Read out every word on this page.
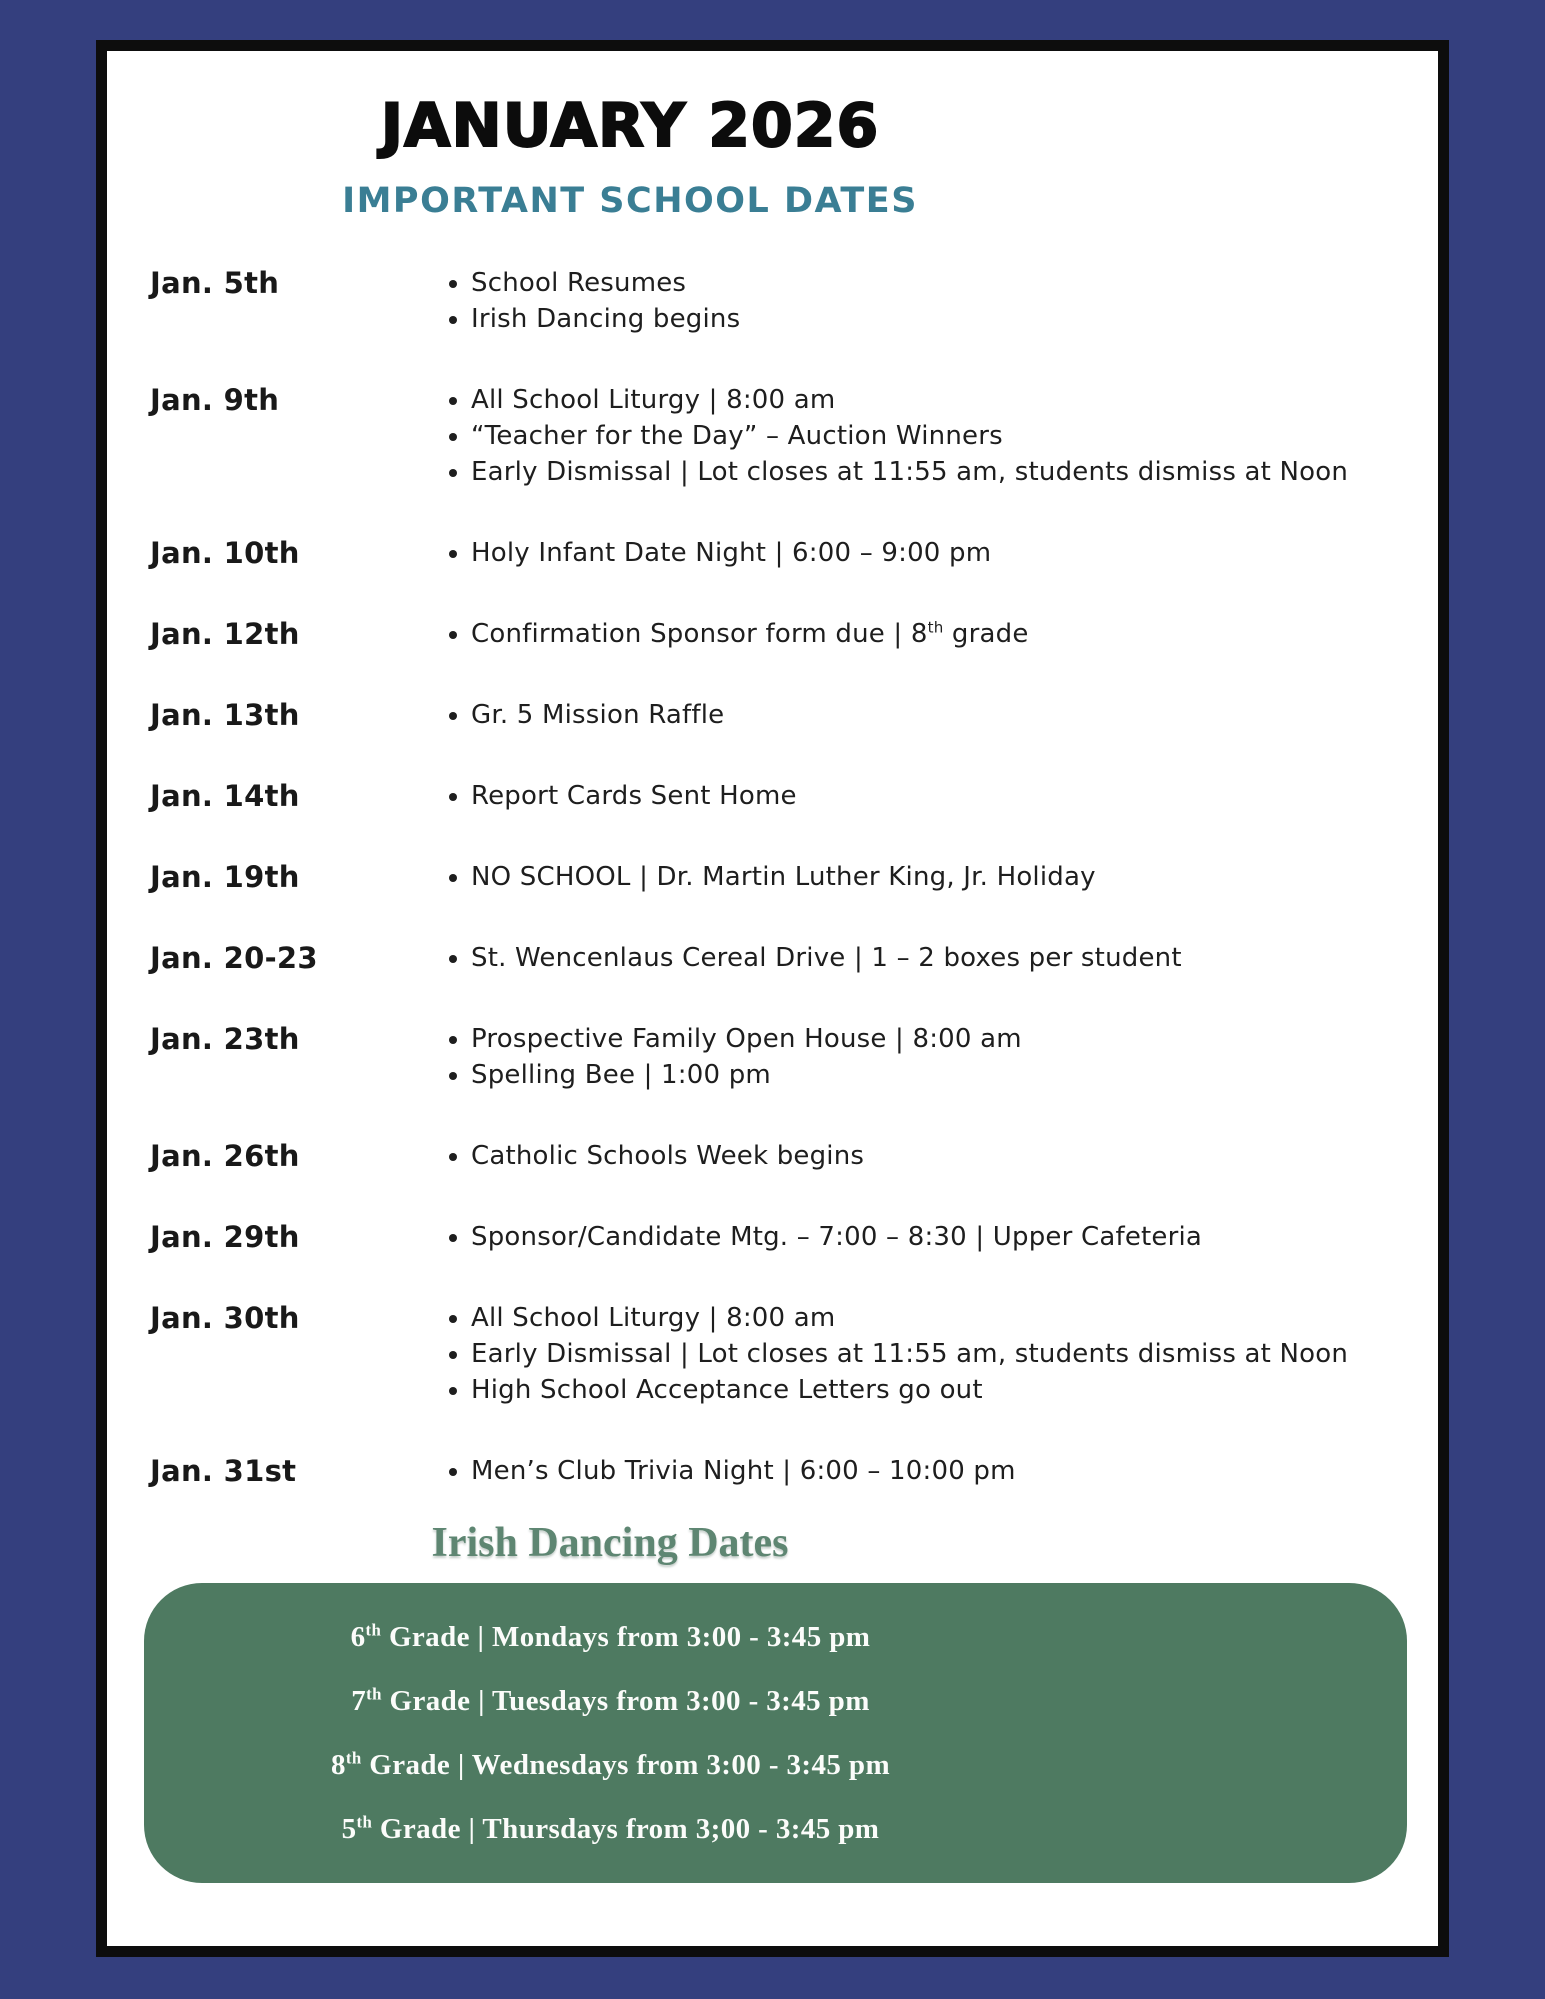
JANUARY 2026
IMPORTANT SCHOOL DATES
Jan. 5th	• School Resumes
• Irish Dancing begins
Jan. 9th	• All School Liturgy | 8:00 am
• “Teacher for the Day” – Auction Winners
• Early Dismissal | Lot closes at 11:55 am, students dismiss at Noon
Jan. 10th	• Holy Infant Date Night | 6:00 – 9:00 pm
Jan. 12th	• Confirmation Sponsor form due | 8th grade
Jan. 13th	• Gr. 5 Mission Raffle
Jan. 14th	• Report Cards Sent Home
Jan. 19th	• NO SCHOOL | Dr. Martin Luther King, Jr. Holiday
Jan. 20-23	• St. Wencenlaus Cereal Drive | 1 – 2 boxes per student
Jan. 23th	• Prospective Family Open House | 8:00 am
• Spelling Bee | 1:00 pm
Jan. 26th	• Catholic Schools Week begins
Jan. 29th	• Sponsor/Candidate Mtg. – 7:00 – 8:30 | Upper Cafeteria
Jan. 30th	• All School Liturgy | 8:00 am
• Early Dismissal | Lot closes at 11:55 am, students dismiss at Noon
• High School Acceptance Letters go out
Jan. 31st	• Men’s Club Trivia Night | 6:00 – 10:00 pm
Irish Dancing Dates
6th Grade | Mondays from 3:00 - 3:45 pm
7th Grade | Tuesdays from 3:00 - 3:45 pm
8th Grade | Wednesdays from 3:00 - 3:45 pm
5th Grade | Thursdays from 3;00 - 3:45 pm
